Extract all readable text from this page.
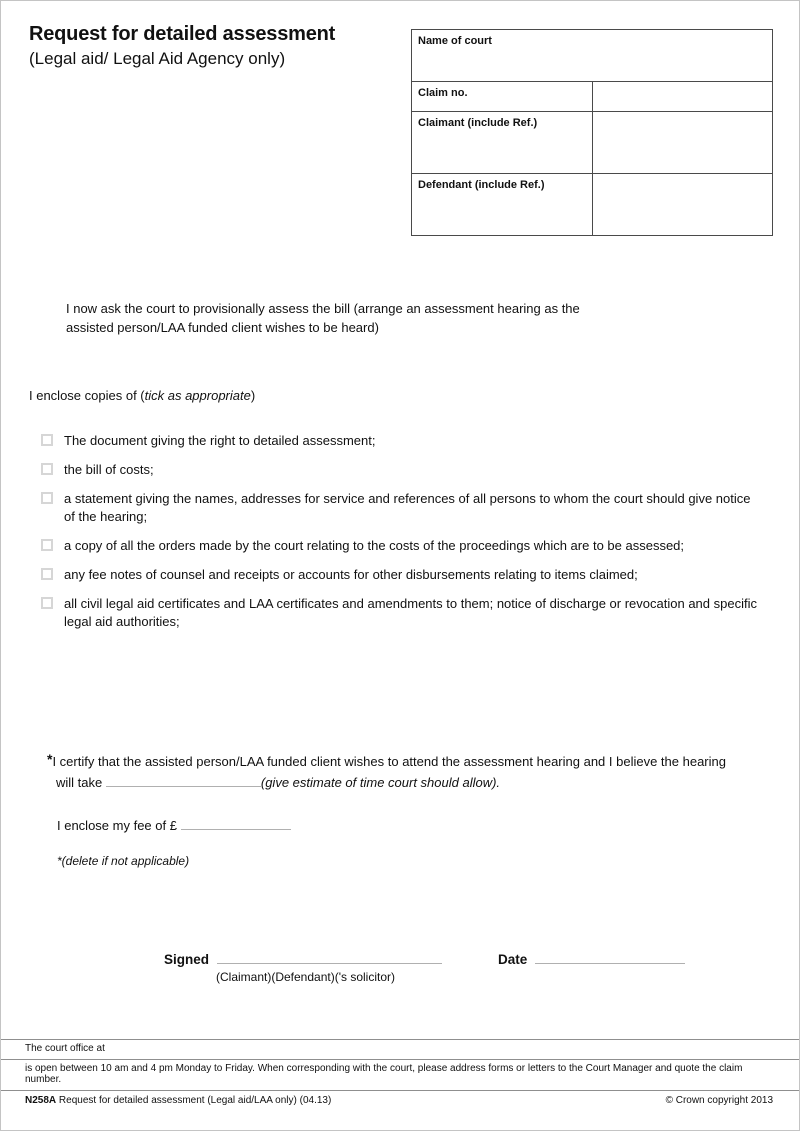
Request for detailed assessment
(Legal aid/ Legal Aid Agency only)
Name of court	
Claim no.	
Claimant (include Ref.)	
Defendant (include Ref.)	
I now ask the court to provisionally assess the bill (arrange an assessment hearing as the assisted person/LAA funded client wishes to be heard)
I enclose copies of (tick as appropriate)
The document giving the right to detailed assessment;
the bill of costs;
a statement giving the names, addresses for service and references of all persons to whom the court should give notice of the hearing;
a copy of all the orders made by the court relating to the costs of the proceedings which are to be assessed;
any fee notes of counsel and receipts or accounts for other disbursements relating to items claimed;
all civil legal aid certificates and LAA certificates and amendments to them; notice of discharge or revocation and specific legal aid authorities;
*I certify that the assisted person/LAA funded client wishes to attend the assessment hearing and I believe the hearing will take	(give estimate of time court should allow).
I enclose my fee of £
*(delete if not applicable)
Signed	Date
(Claimant)(Defendant)('s solicitor)
The court office at
is open between 10 am and 4 pm Monday to Friday. When corresponding with the court, please address forms or letters to the Court Manager and quote the claim number.
N258A Request for detailed assessment (Legal aid/LAA only) (04.13)	© Crown copyright 2013
